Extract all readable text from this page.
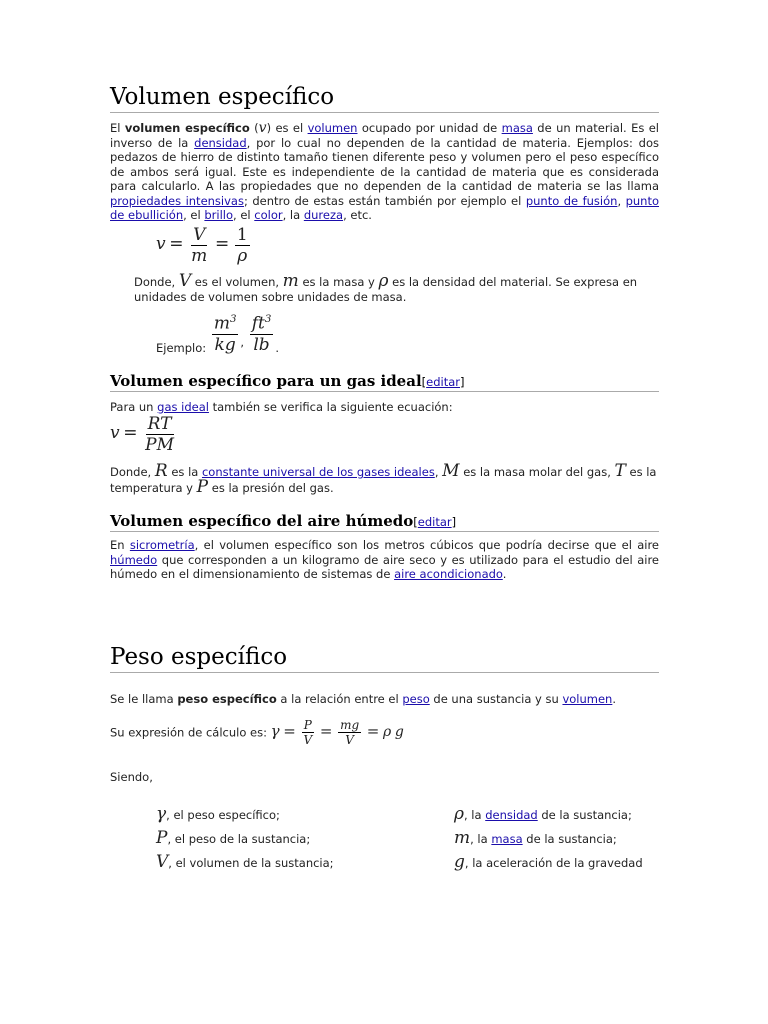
Volumen específico

El volumen específico (v) es el volumen ocupado por unidad de masa de un material. Es el inverso de la densidad, por lo cual no dependen de la cantidad de materia. Ejemplos: dos pedazos de hierro de distinto tamaño tienen diferente peso y volumen pero el peso específico de ambos será igual. Este es independiente de la cantidad de materia que es considerada para calcularlo. A las propiedades que no dependen de la cantidad de materia se las llama propiedades intensivas; dentro de estas están también por ejemplo el punto de fusión, punto de ebullición, el brillo, el color, la dureza, etc.

$v = \frac{V}{m} = \frac{1}{\rho}$

Donde, V es el volumen, m es la masa y ρ es la densidad del material. Se expresa en unidades de volumen sobre unidades de masa.

Ejemplo: $\frac{m^3}{kg}$ , $\frac{ft^3}{lb}$ .
Volumen específico para un gas ideal[editar]

Para un gas ideal también se verifica la siguiente ecuación:

$v = \frac{RT}{PM}$

Donde, R es la constante universal de los gases ideales, M es la masa molar del gas, T es la temperatura y P es la presión del gas.

Volumen específico del aire húmedo[editar]

En sicrometría, el volumen específico son los metros cúbicos que podría decirse que el aire húmedo que corresponden a un kilogramo de aire seco y es utilizado para el estudio del aire húmedo en el dimensionamiento de sistemas de aire acondicionado.

Peso específico

Se le llama peso específico a la relación entre el peso de una sustancia y su volumen.

Su expresión de cálculo es: $\gamma = \frac{P}{V} = \frac{mg}{V} = \rho$ g

Siendo,

γ, el peso específico;
P, el peso de la sustancia;
V, el volumen de la sustancia;
ρ, la densidad de la sustancia;
m, la masa de la sustancia;
g, la aceleración de la gravedad
